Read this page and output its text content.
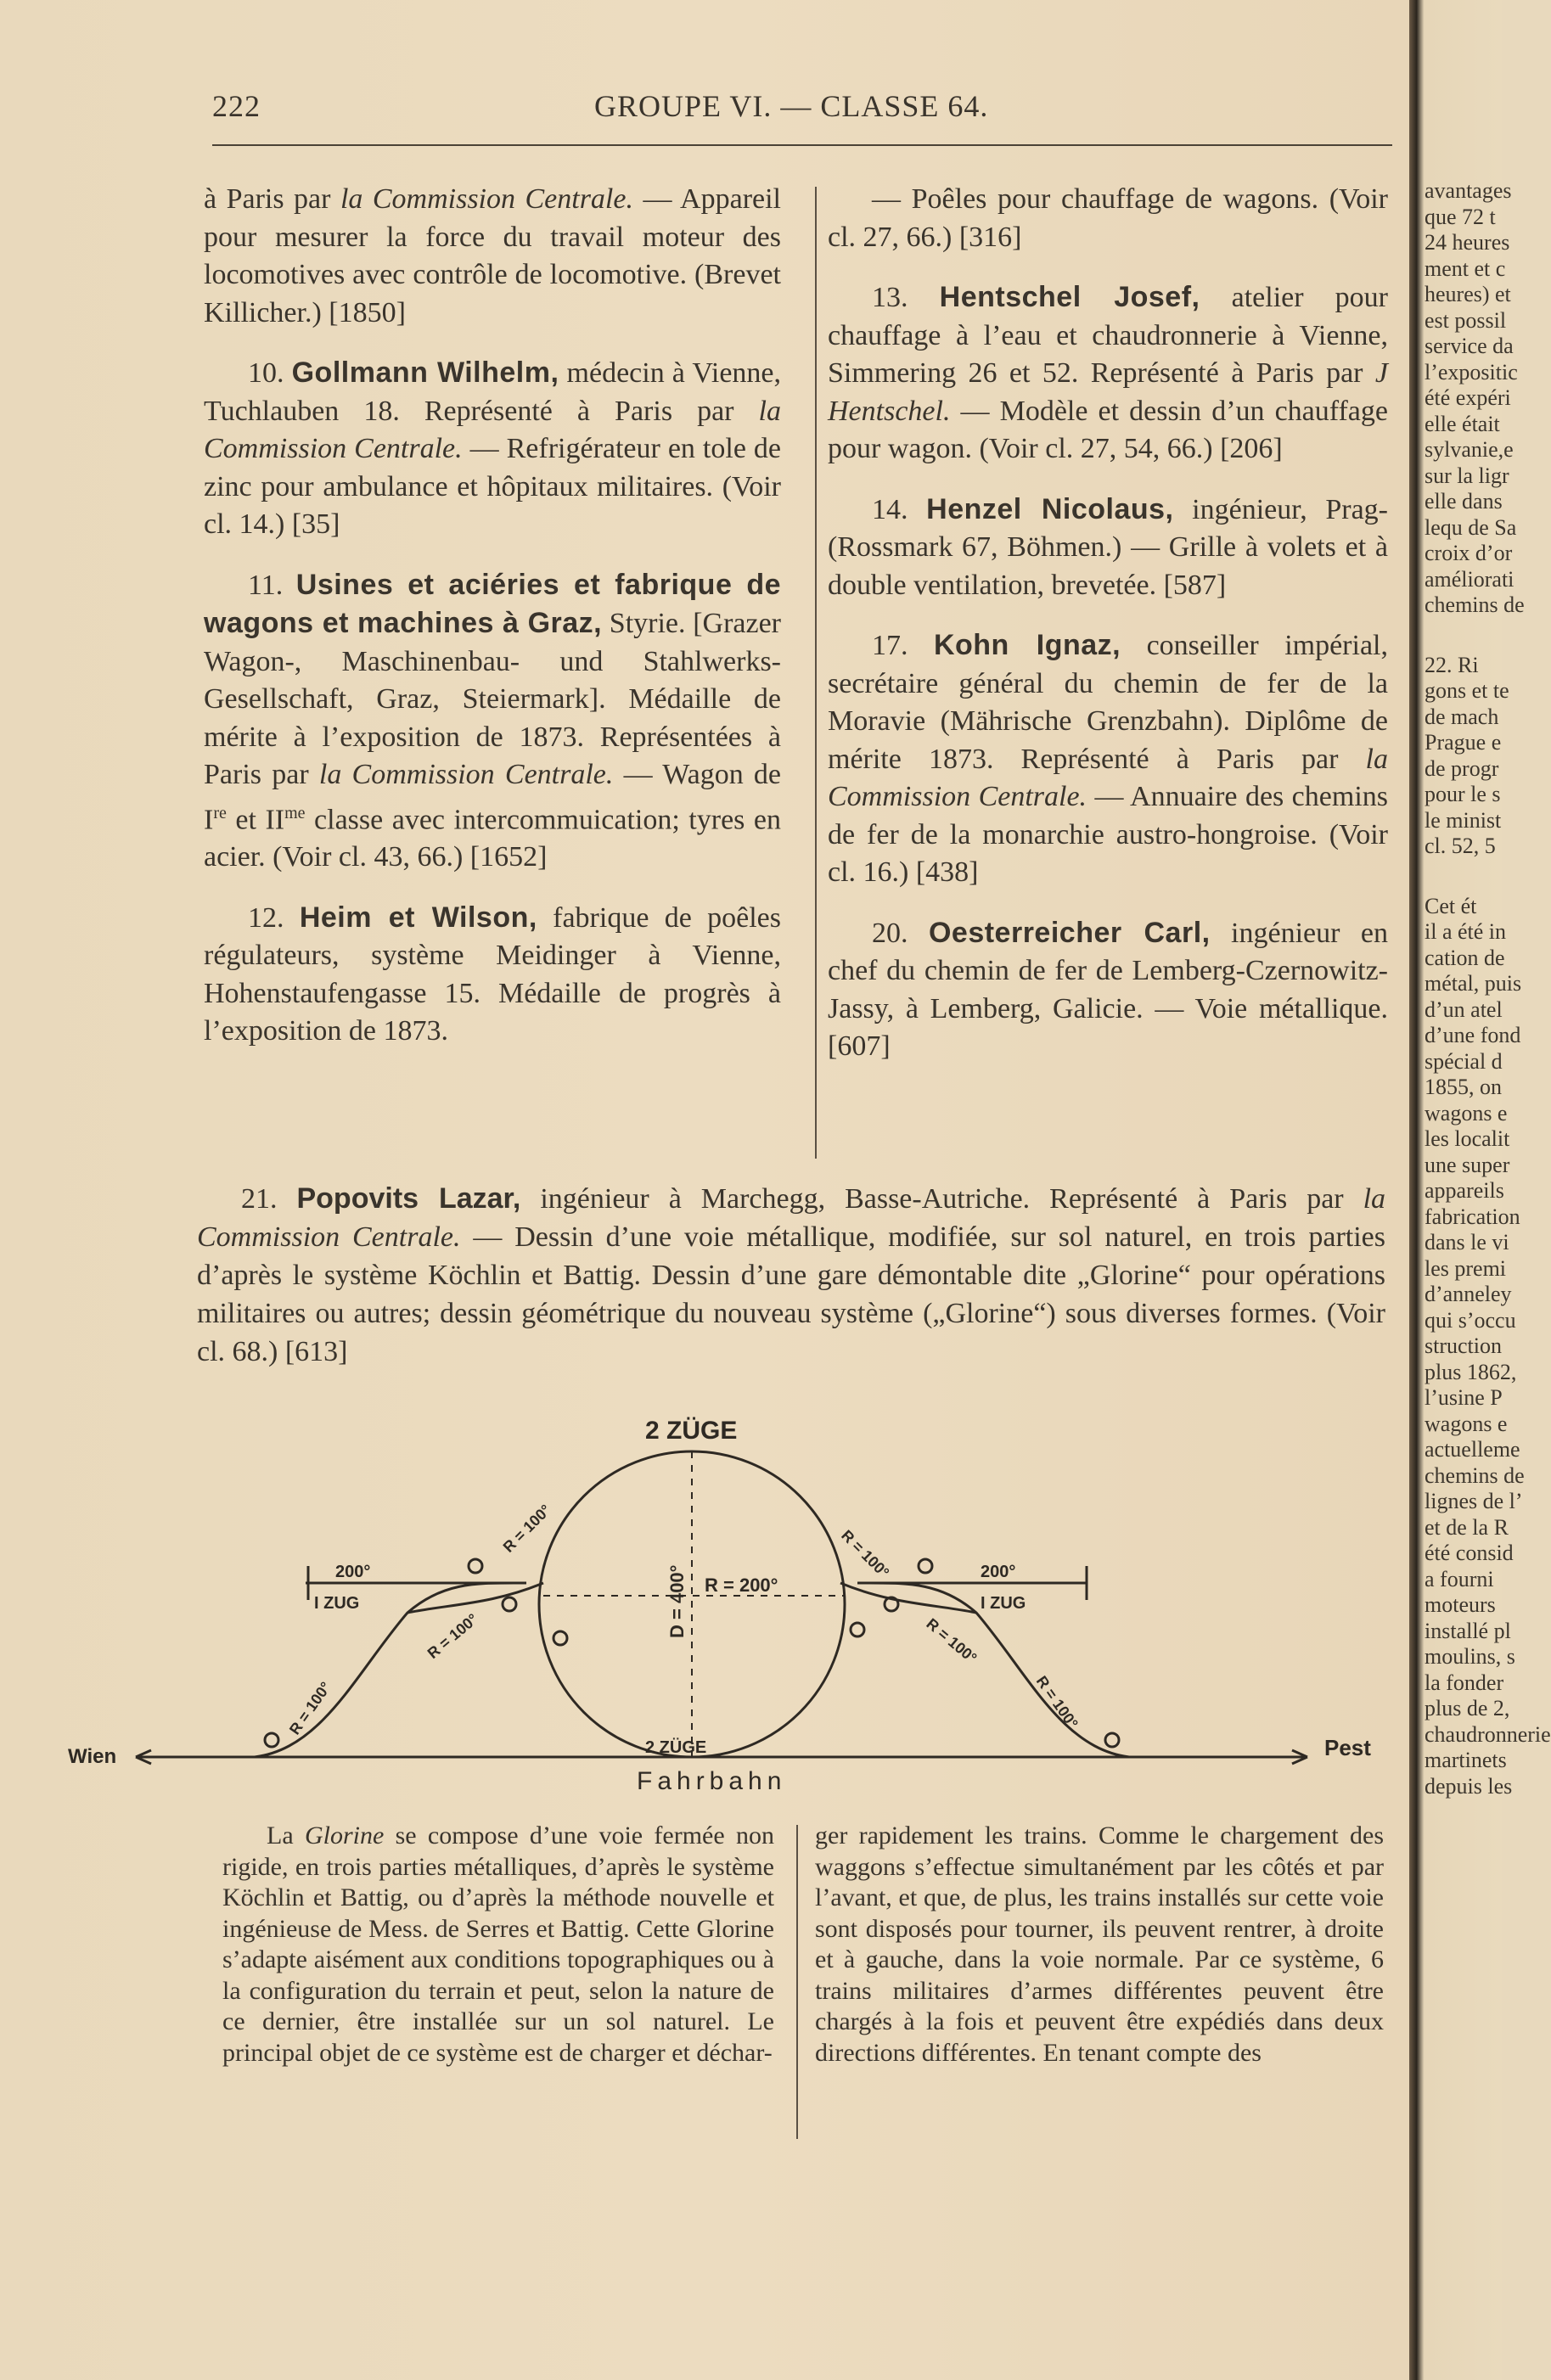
222	GROUPE VI. — CLASSE 64.

à Paris par la Commission Centrale. — Appareil pour mesurer la force du travail moteur des locomotives avec contrôle de locomotive. (Brevet Killicher.) [1850]

10. Gollmann Wilhelm, médecin à Vienne, Tuchlauben 18. Représenté à Paris par la Commission Centrale. — Refrigérateur en tole de zinc pour ambulance et hôpitaux militaires. (Voir cl. 14.) [35]

11. Usines et aciéries et fabrique de wagons et machines à Graz, Styrie. [Grazer Wagon-, Maschinenbau- und Stahlwerks-Gesellschaft, Graz, Steiermark]. Médaille de mérite à l’exposition de 1873. Représentées à Paris par la Commission Centrale. — Wagon de Ire et $II^{me}$ classe avec intercommuication; tyres en acier. (Voir cl. 43, 66.) [1652]

12. Heim et Wilson, fabrique de poêles régulateurs, système Meidinger à Vienne, Hohenstaufengasse 15. Médaille de progrès à l’exposition de 1873.

— Poêles pour chauffage de wagons. (Voir cl. 27, 66.) [316]

13. Hentschel Josef, atelier pour chauffage à l’eau et chaudronnerie à Vienne, Simmering 26 et 52. Représenté à Paris par J Hentschel. — Modèle et dessin d’un chauffage pour wagon. (Voir cl. 27, 54, 66.) [206]

14. Henzel Nicolaus, ingénieur, Prag- (Rossmark 67, Böhmen.) — Grille à volets et à double ventilation, brevetée. [587]

17. Kohn Ignaz, conseiller impérial, secrétaire général du chemin de fer de la Moravie (Mährische Grenzbahn). Diplôme de mérite 1873. Représenté à Paris par la Commission Centrale. — Annuaire des chemins de fer de la monarchie austro-hongroise. (Voir cl. 16.) [438]

20. Oesterreicher Carl, ingénieur en chef du chemin de fer de Lemberg-Czernowitz-Jassy, à Lemberg, Galicie. — Voie métallique. [607]

21. Popovits Lazar, ingénieur à Marchegg, Basse-Autriche. Représenté à Paris par la Commission Centrale. — Dessin d’une voie métallique, modifiée, sur sol naturel, en trois parties d’après le système Köchlin et Battig. Dessin d’une gare démontable dite „Glorine“ pour opérations militaires ou autres; dessin géométrique du nouveau système („Glorine“) sous diverses formes. (Voir cl. 68.) [613]

2 ZÜGE
2 ZÜGE
D = 400° R = 200°
200°
I ZUG
200°
I ZUG
R = 100°
R = 100°
R = 100°	R = 100°
R = 100°
R = 100°
Wien	Pest
Fahrbahn

La Glorine se compose d’une voie fermée non rigide, en trois parties métalliques, d’après le système Köchlin et Battig, ou d’après la méthode nouvelle et ingénieuse de Mess. de Serres et Battig. Cette Glorine s’adapte aisément aux conditions topographiques ou à la configuration du terrain et peut, selon la nature de ce dernier, être installée sur un sol naturel. Le principal objet de ce système est de charger et déchar-

ger rapidement les trains. Comme le chargement des waggons s’effectue simultanément par les côtés et par l’avant, et que, de plus, les trains installés sur cette voie sont disposés pour tourner, ils peuvent rentrer, à droite et à gauche, dans la voie normale. Par ce système, 6 trains militaires d’armes différentes peuvent être chargés à la fois et peuvent être expédiés dans deux directions différentes. En tenant compte des

avantages
que 72 t
24 heures
ment et c
heures) et
est possil
service da
l’expositic
été expéri
elle était
sylvanie,e
sur la ligr
elle dans
lequ de Sa
croix d’or
améliorati
chemins de
22. Ri
gons et te
de mach
Prague e
de progr
pour le s
le minist
cl. 52, 5
Cet ét
il a été in
cation de
métal, puis
d’un atel
d’une fond
spécial d
1855, on
wagons e
les localit
une super
appareils
fabrication
dans le vi
les premi
d’anneley
qui s’occu
struction
plus 1862,
l’usine P
wagons e
actuelleme
chemins de
lignes de l’
et de la R
été consid
a fourni
moteurs
installé pl
moulins, s
la fonder
plus de 2,
chaudronnerie
martinets
depuis les
